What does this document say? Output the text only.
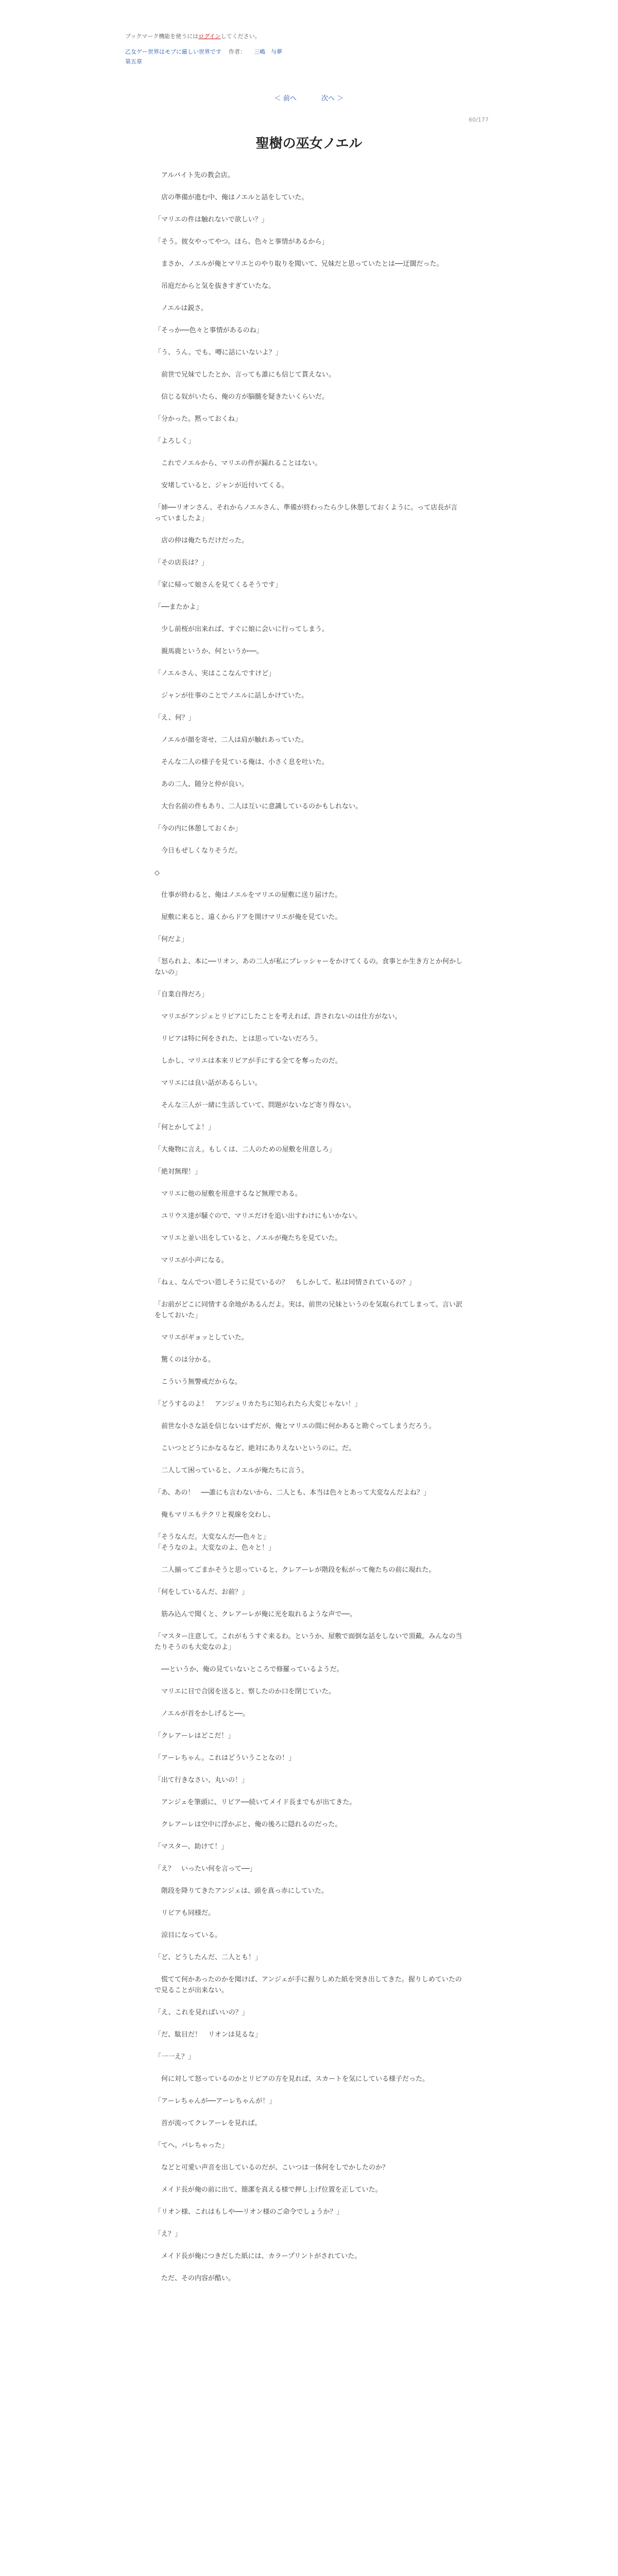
ブックマーク機能を使うにはログインしてください。
乙女ゲー世界はモブに厳しい世界です 作者： 三嶋　与夢
第五章
＜ 前へ	次へ ＞
60/177
聖樹の巫女ノエル

　アルバイト先の教会店。

　店の準備が進む中、俺はノエルと話をしていた。

「マリエの件は触れないで欲しい？」

「そう。彼女やってやつ。ほら、色々と事情があるから」

　まさか、ノエルが俺とマリエとのやり取りを聞いて、兄妹だと思っていたとは──迂闊だった。

　吊庭だからと気を抜きすぎていたな。

　ノエルは鋭さ。

「そっか──色々と事情があるのね」

「う、うん。でも、噂に話にいないよ？」

　前世で兄妹でしたとか、言っても誰にも信じて貰えない。

　信じる奴がいたら、俺の方が脳髄を疑きたいくらいだ。

「分かった。黙っておくね」

「よろしく」

　これでノエルから、マリエの件が漏れることはない。

　安堵していると、ジャンが近付いてくる。

「姉──リオンさん、それからノエルさん、準備が終わったら少し休憩しておくように。って店長が言っていましたよ」

　店の仲は俺たちだけだった。

「その店長は？」

「家に帰って娘さんを見てくるそうです」

「──またかよ」

　少し前桜が出来れば、すぐに娘に会いに行ってしまう。

　親馬鹿というか、何というか──。

「ノエルさん、実はここなんですけど」

　ジャンが仕事のことでノエルに話しかけていた。

「え、何？」

　ノエルが顔を寄せ、二人は肩が触れあっていた。

　そんな二人の様子を見ている俺は、小さく息を吐いた。

　あの二人、随分と仲が良い。

　大台名前の件もあり、二人は互いに意識しているのかもしれない。

「今の内に休憩しておくか」

　今日もぜしくなりそうだ。

◇

　仕事が終わると、俺はノエルをマリエの屋敷に送り届けた。

　屋敷に来ると、遠くからドアを開けマリエが俺を見ていた。

「何だよ」

「怒られよ、本に──リオン、あの二人が私にプレッシャーをかけてくるの。食事とか生き方とか何かしないの」

「自業自得だろ」

　マリエがアンジェとリビアにしたことを考えれば、許されないのは仕方がない。

　リビアは特に何をされた、とは思っていないだろう。

　しかし、マリエは本来リビアが手にする全てを奪ったのだ。

　マリエには良い話があるらしい。

　そんな三人が一緒に生活していて、問題がないなど寄り得ない。

「何とかしてよ！」

「大俺物に言え。もしくは、二人のための屋敷を用意しろ」

「絶対無理！」

　マリエに他の屋敷を用意するなど無理である。

　ユリウス達が騒ぐので、マリエだけを追い出すわけにもいかない。

　マリエと並い出をしていると、ノエルが俺たちを見ていた。

　マリエが小声になる。

「ねぇ、なんでつい恩しそうに見ているの？　もしかして、私は同情されているの？」

「お前がどこに同情する余地があるんだよ。実は、前世の兄妹というのを気取られてしまって。言い訳をしておいた」

　マリエがギョッとしていた。

　驚くのは分かる。

　こういう無警戒だからな。

「どうするのよ！　アンジェリカたちに知られたら大変じゃない！」

　前世な小さな話を信じないはずだが、俺とマリエの間に何かあると勘ぐってしまうだろう。

　こいつとどうにかなるなど、絶対にありえないというのに。だ。

　二人して困っていると、ノエルが俺たちに言う。

「あ、あの！　──誰にも言わないから、二人とも、本当は色々とあって大変なんだよね？」

　俺もマリエもテクリと視線を交わし、

「そうなんだ。大変なんだ──色々と」
「そうなのよ。大変なのよ、色々と！」

　二人揃ってごまかそうと思っていると、クレアーレが階段を転がって俺たちの前に現れた。

「何をしているんだ、お前？」

　筋み込んで聞くと、クレアーレが俺に光を取れるような声で──。

「マスター注意して。これがもうすぐ来るわ。というか、屋敷で面倒な話をしないで頂戴。みんなの当たりそうのも大変なのよ」

　──というか、俺の見ていないところで修羅っているようだ。

　マリエに目で合図を送ると、察したのか口を閉じていた。

　ノエルが首をかしげると──。

「クレアーレはどこだ！」

「アーレちゃん。これはどういうことなの！」

「出て行きなさい、丸いの！」

　アンジェを筆頭に、リビア──続いてメイド長までもが出てきた。

　クレアーレは空中に浮かぶと、俺の後ろに隠れるのだった。

「マスター、助けて！」

「え？　いったい何を言って──」

　階段を降りてきたアンジェは、頭を真っ赤にしていた。

　リビアも同様だ。

　涼目になっている。

「ど、どうしたんだ、二人とも！」

　慌てて何かあったのかを聞けば、アンジェが手に握りしめた紙を突き出してきた。握りしめていたので見ることが出来ない。

「え、これを見ればいいの？」

「だ、駄目だ！　リオンは見るな」

「一一え？」

　何に対して怒っているのかとリビアの方を見れば、スカートを気にしている様子だった。

「アーレちゃんが──アーレちゃんが！」

　首が流ってクレアーレを見れば。

「てへ。バレちゃった」

　などと可愛い声音を出しているのだが、こいつは一体何をしでかしたのか？

　メイド長が俺の前に出て、簡潔を真える様で押し上げ位置を正していた。

「リオン様、これはもしや──リオン様のご命令でしょうか？」

「え？」

　メイド長が俺につきだした紙には、カラープリントがされていた。

　ただ、その内容が酷い。
